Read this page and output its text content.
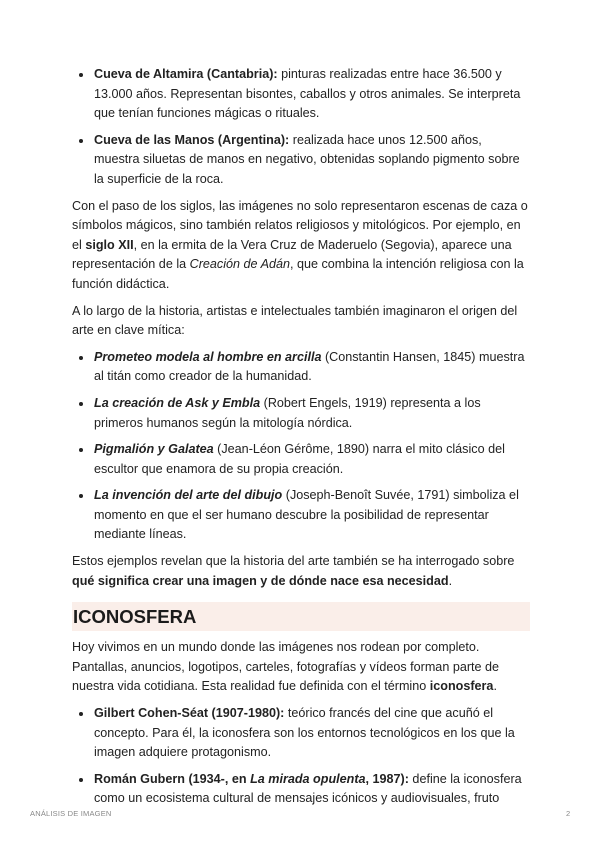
Cueva de Altamira (Cantabria): pinturas realizadas entre hace 36.500 y 13.000 años. Representan bisontes, caballos y otros animales. Se interpreta que tenían funciones mágicas o rituales.
Cueva de las Manos (Argentina): realizada hace unos 12.500 años, muestra siluetas de manos en negativo, obtenidas soplando pigmento sobre la superficie de la roca.

Con el paso de los siglos, las imágenes no solo representaron escenas de caza o símbolos mágicos, sino también relatos religiosos y mitológicos. Por ejemplo, en el siglo XII, en la ermita de la Vera Cruz de Maderuelo (Segovia), aparece una representación de la Creación de Adán, que combina la intención religiosa con la función didáctica.

A lo largo de la historia, artistas e intelectuales también imaginaron el origen del arte en clave mítica:

Prometeo modela al hombre en arcilla (Constantin Hansen, 1845) muestra al titán como creador de la humanidad.
La creación de Ask y Embla (Robert Engels, 1919) representa a los primeros humanos según la mitología nórdica.
Pigmalión y Galatea (Jean-Léon Gérôme, 1890) narra el mito clásico del escultor que enamora de su propia creación.
La invención del arte del dibujo (Joseph-Benoît Suvée, 1791) simboliza el momento en que el ser humano descubre la posibilidad de representar mediante líneas.

Estos ejemplos revelan que la historia del arte también se ha interrogado sobre qué significa crear una imagen y de dónde nace esa necesidad.

ICONOSFERA

Hoy vivimos en un mundo donde las imágenes nos rodean por completo. Pantallas, anuncios, logotipos, carteles, fotografías y vídeos forman parte de nuestra vida cotidiana. Esta realidad fue definida con el término iconosfera.

Gilbert Cohen-Séat (1907-1980): teórico francés del cine que acuñó el concepto. Para él, la iconosfera son los entornos tecnológicos en los que la imagen adquiere protagonismo.
Román Gubern (1934-, en La mirada opulenta, 1987): define la iconosfera como un ecosistema cultural de mensajes icónicos y audiovisuales, fruto
ANÁLISIS DE IMAGEN	2
